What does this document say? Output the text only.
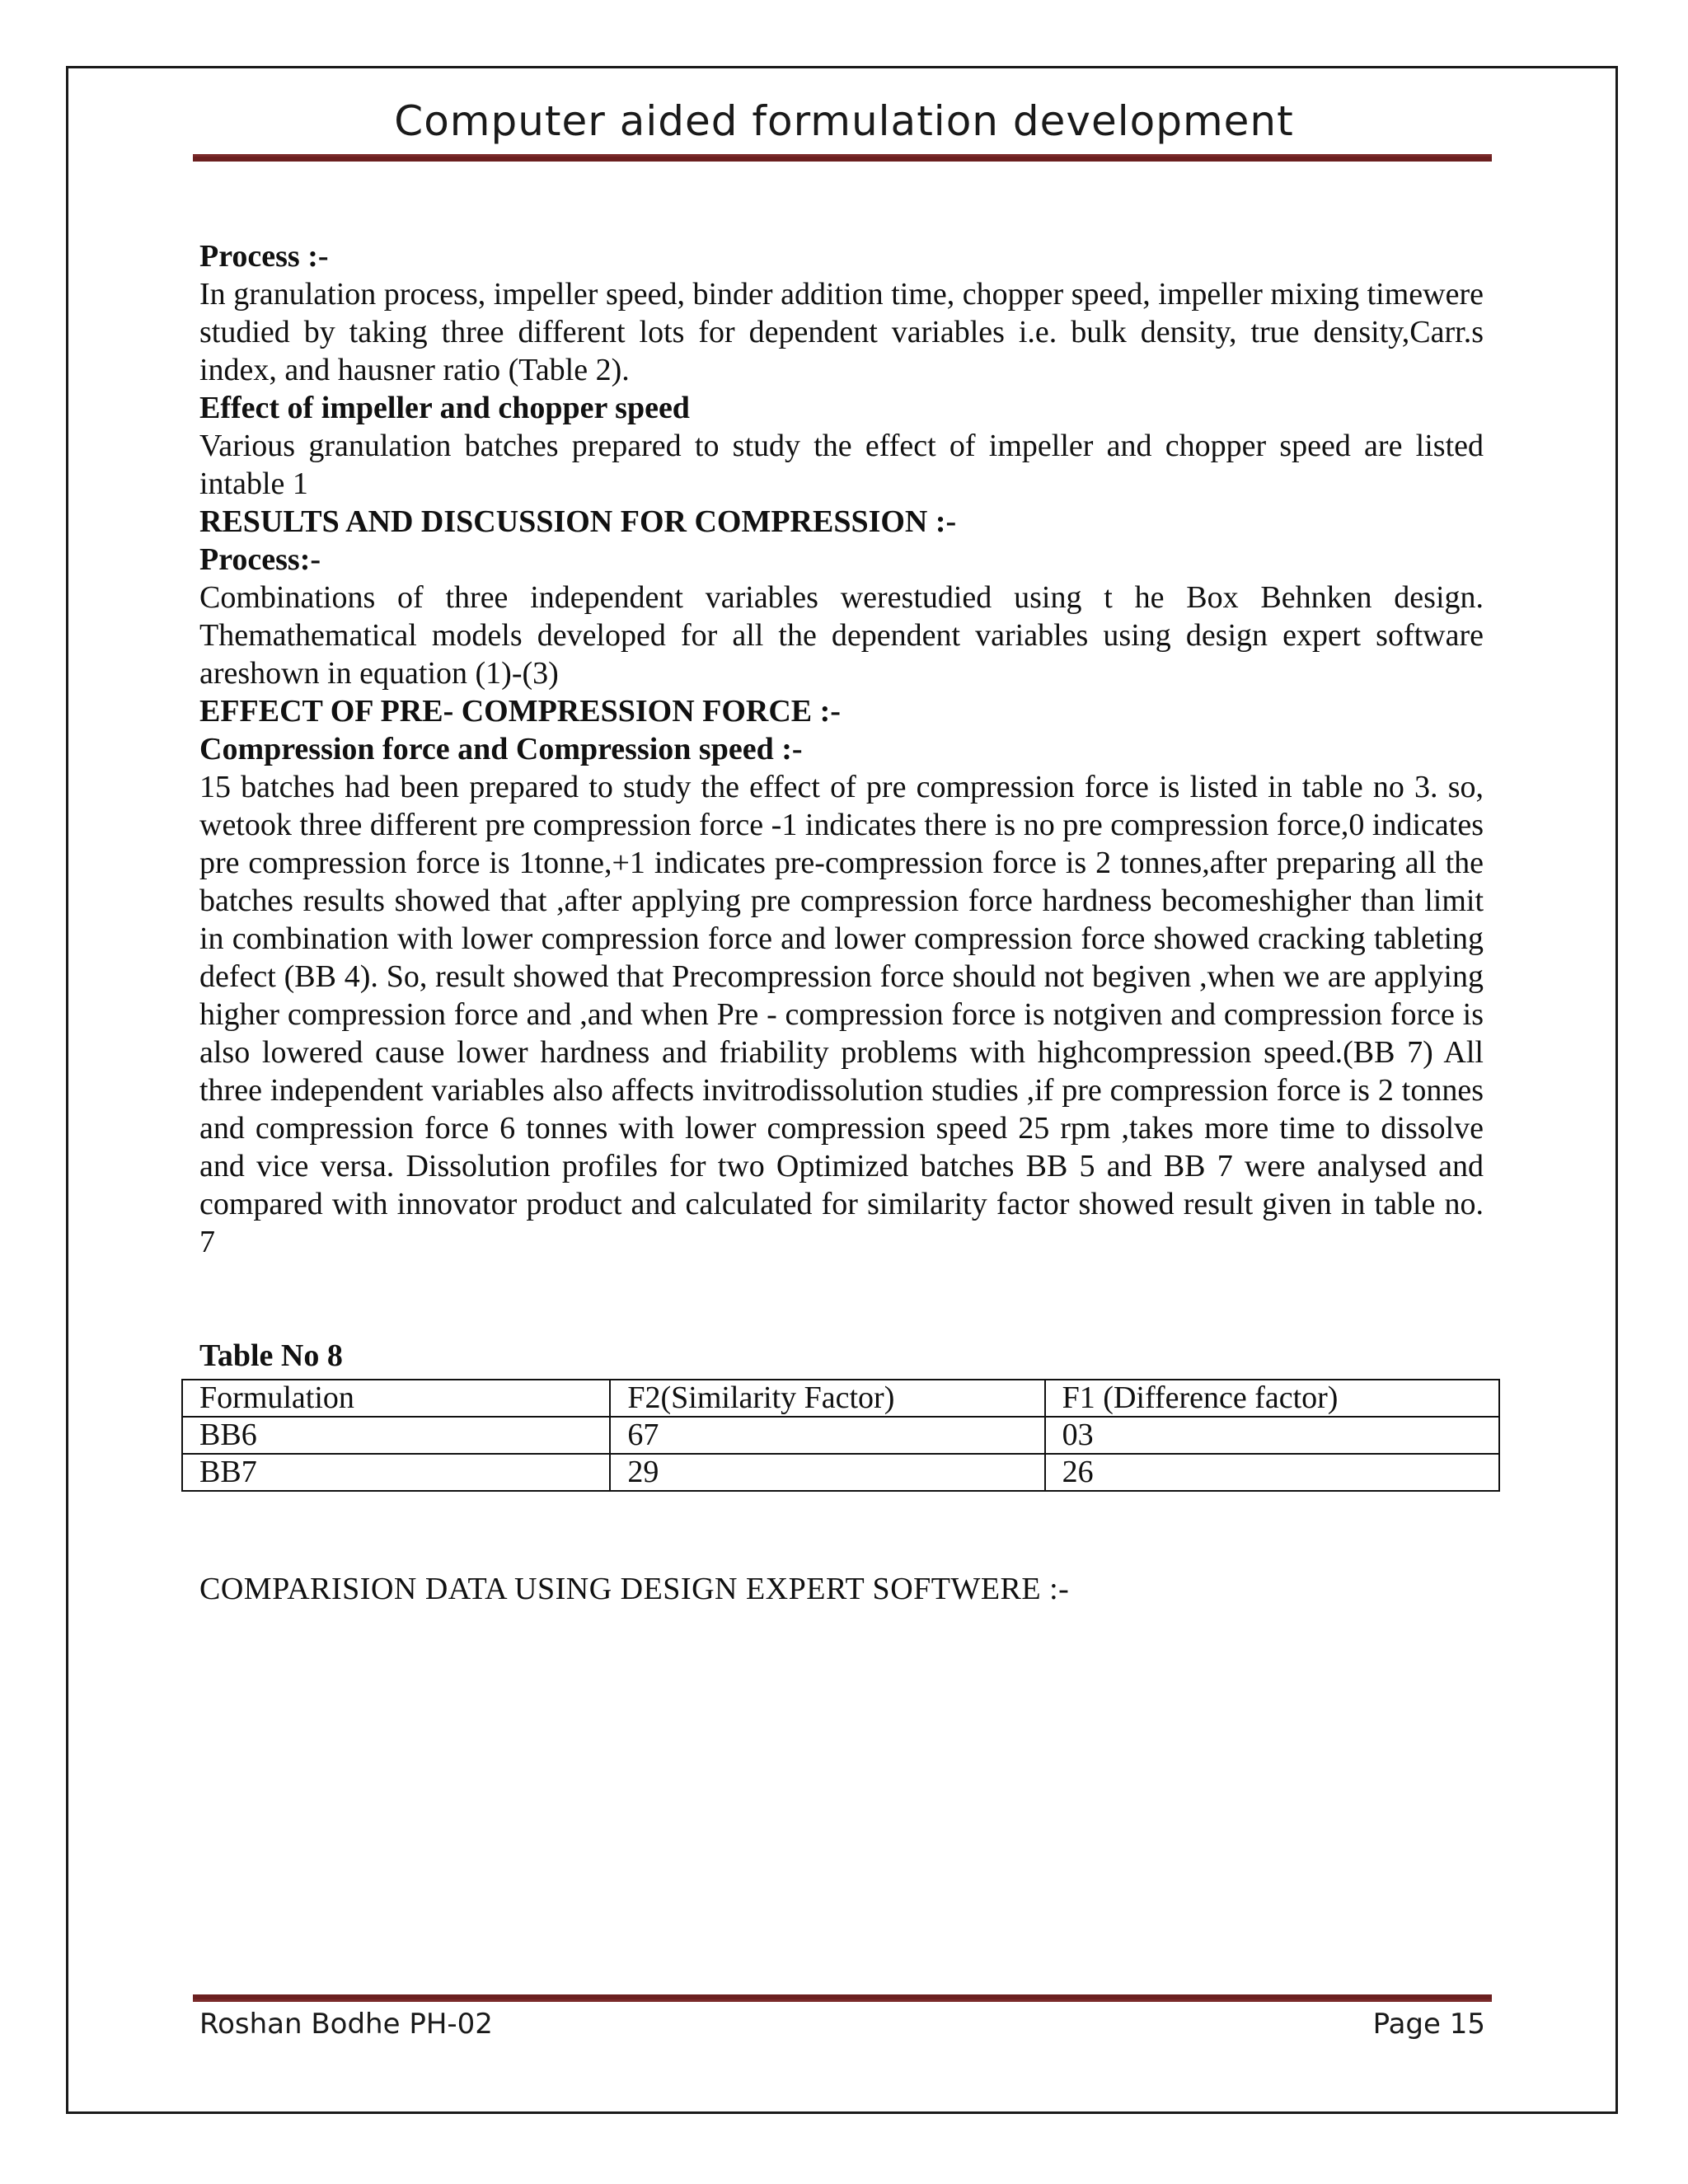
Computer aided formulation development

Process :-

In granulation process, impeller speed, binder addition time, chopper speed, impeller mixing timewere studied by taking three different lots for dependent variables i.e. bulk density, true density,Carr.s index, and hausner ratio (Table 2).

Effect of impeller and chopper speed

Various granulation batches prepared to study the effect of impeller and chopper speed are listed intable 1

RESULTS AND DISCUSSION FOR COMPRESSION :-

Process:-

Combinations of three independent variables werestudied using t he Box Behnken design. Themathematical models developed for all the dependent variables using design expert software areshown in equation (1)-(3)

EFFECT OF PRE- COMPRESSION FORCE :-

Compression force and Compression speed :-

15 batches had been prepared to study the effect of pre compression force is listed in table no 3. so, wetook three different pre compression force -1 indicates there is no pre compression force,0 indicates pre compression force is 1tonne,+1 indicates pre-compression force is 2 tonnes,after preparing all the batches results showed that ,after applying pre compression force hardness becomeshigher than limit in combination with lower compression force and lower compression force showed cracking tableting defect (BB 4). So, result showed that Precompression force should not begiven ,when we are applying higher compression force and ,and when Pre - compression force is notgiven and compression force is also lowered cause lower hardness and friability problems with highcompression speed.(BB 7) All three independent variables also affects invitrodissolution studies ,if pre compression force is 2 tonnes and compression force 6 tonnes with lower compression speed 25 rpm ,takes more time to dissolve and vice versa. Dissolution profiles for two Optimized batches BB 5 and BB 7 were analysed and compared with innovator product and calculated for similarity factor showed result given in table no. 7

Table No 8

Formulation	F2(Similarity Factor)	F1 (Difference factor)
BB6	67	03
BB7	29	26
COMPARISION DATA USING DESIGN EXPERT SOFTWERE :-
Roshan Bodhe PH-02	Page 15
